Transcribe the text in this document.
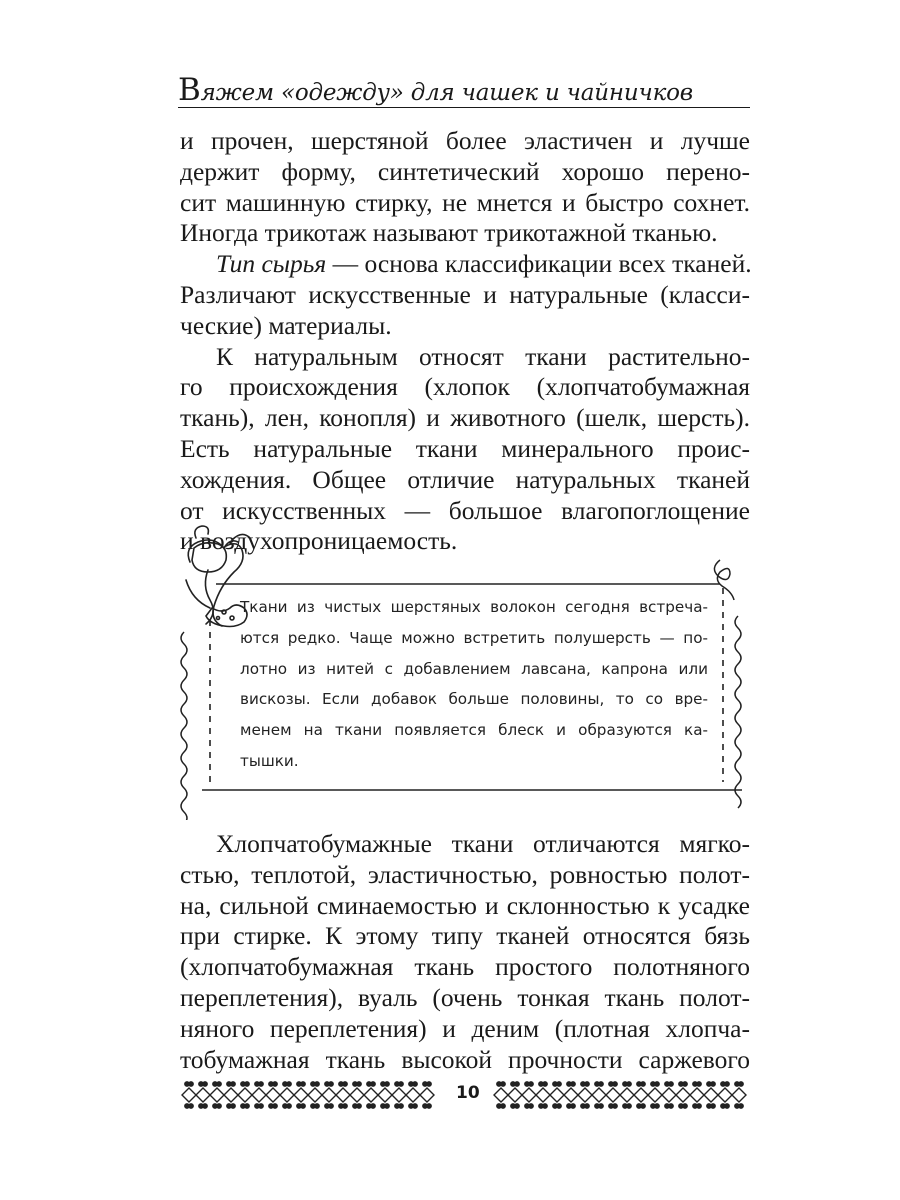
Вяжем «одежду» для чашек и чайничков

и прочен, шерстяной более эластичен и лучше
держит форму, синтетический хорошо перено-
сит машинную стирку, не мнется и быстро сохнет.
Иногда трикотаж называют трикотажной тканью.

Тип сырья — основа классификации всех тканей.
Различают искусственные и натуральные (класси-
ческие) материалы.

К натуральным относят ткани растительно-
го происхождения (хлопок (хлопчатобумажная
ткань), лен, конопля) и животного (шелк, шерсть).
Есть натуральные ткани минерального проис-
хождения. Общее отличие натуральных тканей
от искусственных — большое влагопоглощение
и воздухопроницаемость.

Ткани из чистых шерстяных волокон сегодня встреча-
ются редко. Чаще можно встретить полушерсть — по-
лотно из нитей с добавлением лавсана, капрона или
вискозы. Если добавок больше половины, то со вре-
менем на ткани появляется блеск и образуются ка-
тышки.

Хлопчатобумажные ткани отличаются мягко-
стью, теплотой, эластичностью, ровностью полот-
на, сильной сминаемостью и склонностью к усадке
при стирке. К этому типу тканей относятся бязь
(хлопчатобумажная ткань простого полотняного
переплетения), вуаль (очень тонкая ткань полот-
няного переплетения) и деним (плотная хлопча-
тобумажная ткань высокой прочности саржевого

10
